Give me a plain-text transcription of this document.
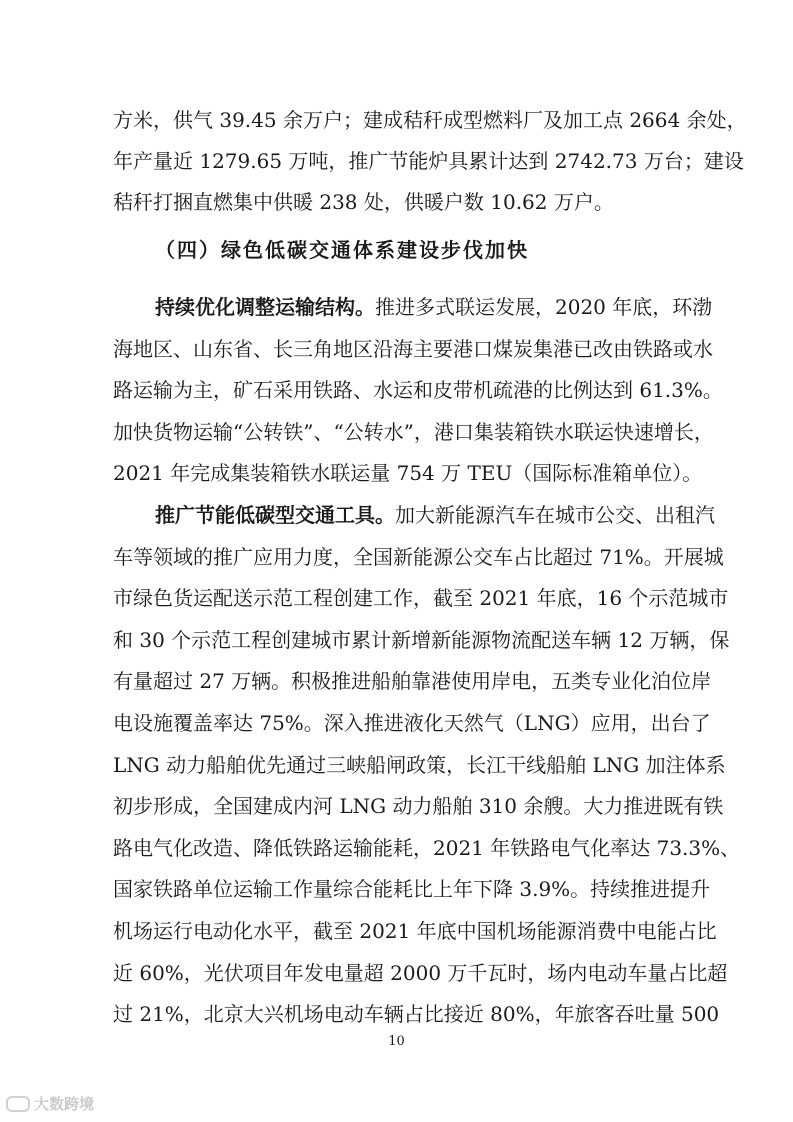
方米，供气 39.45 余万户；建成秸秆成型燃料厂及加工点 2664 余处，
年产量近 1279.65 万吨，推广节能炉具累计达到 2742.73 万台；建设
秸秆打捆直燃集中供暖 238 处，供暖户数 10.62 万户。
（四）绿色低碳交通体系建设步伐加快
持续优化调整运输结构。推进多式联运发展，2020 年底，环渤
海地区、山东省、长三角地区沿海主要港口煤炭集港已改由铁路或水
路运输为主，矿石采用铁路、水运和皮带机疏港的比例达到 61.3%。
加快货物运输“公转铁”、“公转水”，港口集装箱铁水联运快速增长，
2021 年完成集装箱铁水联运量 754 万 TEU（国际标准箱单位）。
推广节能低碳型交通工具。加大新能源汽车在城市公交、出租汽
车等领域的推广应用力度，全国新能源公交车占比超过 71%。开展城
市绿色货运配送示范工程创建工作，截至 2021 年底，16 个示范城市
和 30 个示范工程创建城市累计新增新能源物流配送车辆 12 万辆，保
有量超过 27 万辆。积极推进船舶靠港使用岸电，五类专业化泊位岸
电设施覆盖率达 75%。深入推进液化天然气（LNG）应用，出台了
LNG 动力船舶优先通过三峡船闸政策，长江干线船舶 LNG 加注体系
初步形成，全国建成内河 LNG 动力船舶 310 余艘。大力推进既有铁
路电气化改造、降低铁路运输能耗，2021 年铁路电气化率达 73.3%、
国家铁路单位运输工作量综合能耗比上年下降 3.9%。持续推进提升
机场运行电动化水平，截至 2021 年底中国机场能源消费中电能占比
近 60%，光伏项目年发电量超 2000 万千瓦时，场内电动车量占比超
过 21%，北京大兴机场电动车辆占比接近 80%，年旅客吞吐量 500
10
大数跨境
